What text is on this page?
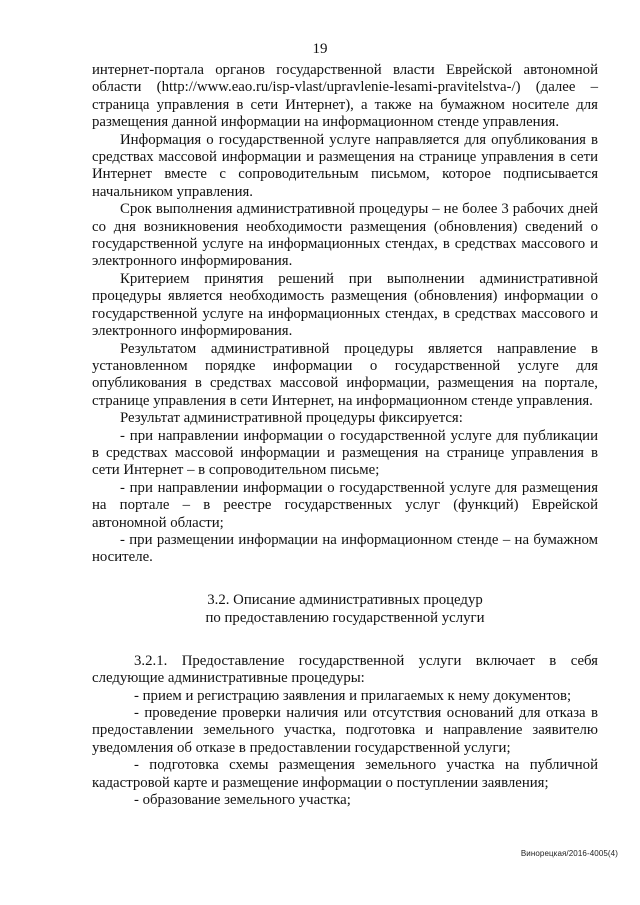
19

интернет-портала органов государственной власти Еврейской автономной области (http://www.eao.ru/isp-vlast/upravlenie-lesami-pravitelstva-/) (далее – страница управления в сети Интернет), а также на бумажном носителе для размещения данной информации на информационном стенде управления.

Информация о государственной услуге направляется для опубликования в средствах массовой информации и размещения на странице управления в сети Интернет вместе с сопроводительным письмом, которое подписывается начальником управления.

Срок выполнения административной процедуры – не более 3 рабочих дней со дня возникновения необходимости размещения (обновления) сведений о государственной услуге на информационных стендах, в средствах массового и электронного информирования.

Критерием принятия решений при выполнении административной процедуры является необходимость размещения (обновления) информации о государственной услуге на информационных стендах, в средствах массового и электронного информирования.

Результатом административной процедуры является направление в установленном порядке информации о государственной услуге для опубликования в средствах массовой информации, размещения на портале, странице управления в сети Интернет, на информационном стенде управления.

Результат административной процедуры фиксируется:

- при направлении информации о государственной услуге для публикации в средствах массовой информации и размещения на странице управления в сети Интернет – в сопроводительном письме;

- при направлении информации о государственной услуге для размещения на портале – в реестре государственных услуг (функций) Еврейской автономной области;

- при размещении информации на информационном стенде – на бумажном носителе.

3.2. Описание административных процедур
по предоставлению государственной услуги

3.2.1. Предоставление государственной услуги включает в себя следующие административные процедуры:

- прием и регистрацию заявления и прилагаемых к нему документов;

- проведение проверки наличия или отсутствия оснований для отказа в предоставлении земельного участка, подготовка и направление заявителю уведомления об отказе в предоставлении государственной услуги;

- подготовка схемы размещения земельного участка на публичной кадастровой карте и размещение информации о поступлении заявления;

- образование земельного участка;

Винорецкая/2016-4005(4)
